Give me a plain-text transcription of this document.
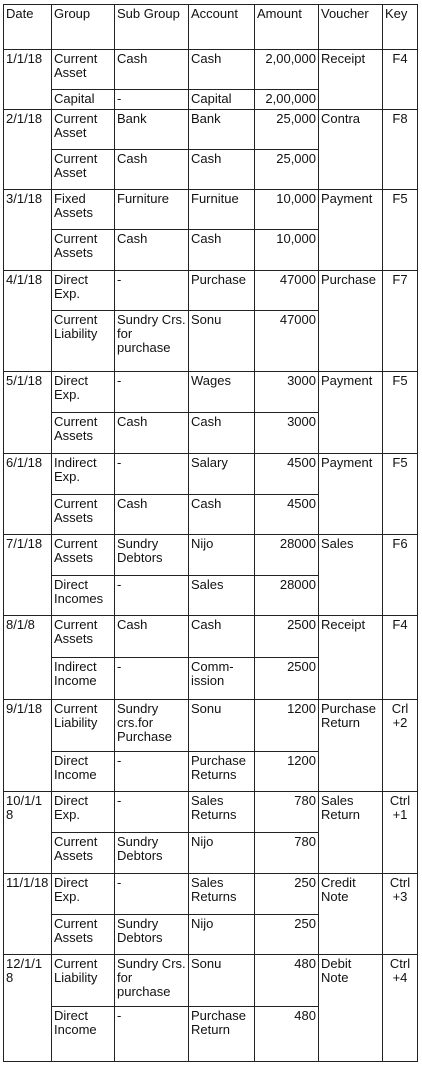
Date	Group	Sub Group	Account	Amount	Voucher	Key
1/1/18	Current Asset	Cash	Cash	2,00,000	Receipt	F4
	Capital	-	Capital	2,00,000		
2/1/18	Current Asset	Bank	Bank	25,000	Contra	F8
	Current Asset	Cash	Cash	25,000		
3/1/18	Fixed Assets	Furniture	Furnitue	10,000	Payment	F5
	Current Assets	Cash	Cash	10,000		
4/1/18	Direct Exp.	-	Purchase	47000	Purchase	F7
	Current Liability	Sundry Crs. for purchase	Sonu	47000		
5/1/18	Direct Exp.	-	Wages	3000	Payment	F5
	Current Assets	Cash	Cash	3000		
6/1/18	Indirect Exp.	-	Salary	4500	Payment	F5
	Current Assets	Cash	Cash	4500		
7/1/18	Current Assets	Sundry Debtors	Nijo	28000	Sales	F6
	Direct Incomes	-	Sales	28000		
8/1/8	Current Assets	Cash	Cash	2500	Receipt	F4
	Indirect Income	-	Comm- ission	2500		
9/1/18	Current Liability	Sundry crs.for Purchase	Sonu	1200	Purchase Return	Crl +2
	Direct Income	-	Purchase Returns	1200		
10/1/18	Direct Exp.	-	Sales Returns	780	Sales Return	Ctrl +1
	Current Assets	Sundry Debtors	Nijo	780		
11/1/18	Direct Exp.	-	Sales Returns	250	Credit Note	Ctrl +3
	Current Assets	Sundry Debtors	Nijo	250		
12/1/18	Current Liability	Sundry Crs. for purchase	Sonu	480	Debit Note	Ctrl +4
	Direct Income	-	Purchase Return	480		
